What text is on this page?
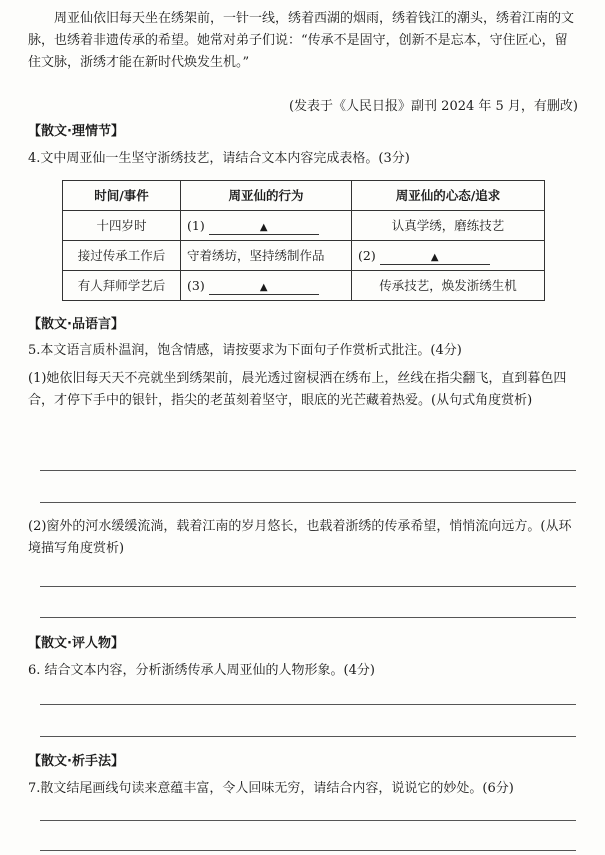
周亚仙依旧每天坐在绣架前，一针一线，绣着西湖的烟雨，绣着钱江的潮头，绣着江南的文脉，也绣着非遗传承的希望。她常对弟子们说：“传承不是固守，创新不是忘本，守住匠心，留住文脉，浙绣才能在新时代焕发生机。”

(发表于《人民日报》副刊 2024 年 5 月，有删改)

【散文·理情节】

4.文中周亚仙一生坚守浙绣技艺，请结合文本内容完成表格。(3分)

时间/事件	周亚仙的行为	周亚仙的心态/追求
十四岁时	(1) ▲	认真学绣，磨练技艺
接过传承工作后	守着绣坊，坚持绣制作品	(2) ▲
有人拜师学艺后	(3) ▲	传承技艺，焕发浙绣生机

【散文·品语言】

5.本文语言质朴温润，饱含情感，请按要求为下面句子作赏析式批注。(4分)

(1)她依旧每天天不亮就坐到绣架前，晨光透过窗棂洒在绣布上，丝线在指尖翻飞，直到暮色四合，才停下手中的银针，指尖的老茧刻着坚守，眼底的光芒藏着热爱。(从句式角度赏析)

(2)窗外的河水缓缓流淌，载着江南的岁月悠长，也载着浙绣的传承希望，悄悄流向远方。(从环境描写角度赏析)

【散文·评人物】

6. 结合文本内容，分析浙绣传承人周亚仙的人物形象。(4分)

【散文·析手法】

7.散文结尾画线句读来意蕴丰富，令人回味无穷，请结合内容，说说它的妙处。(6分)
